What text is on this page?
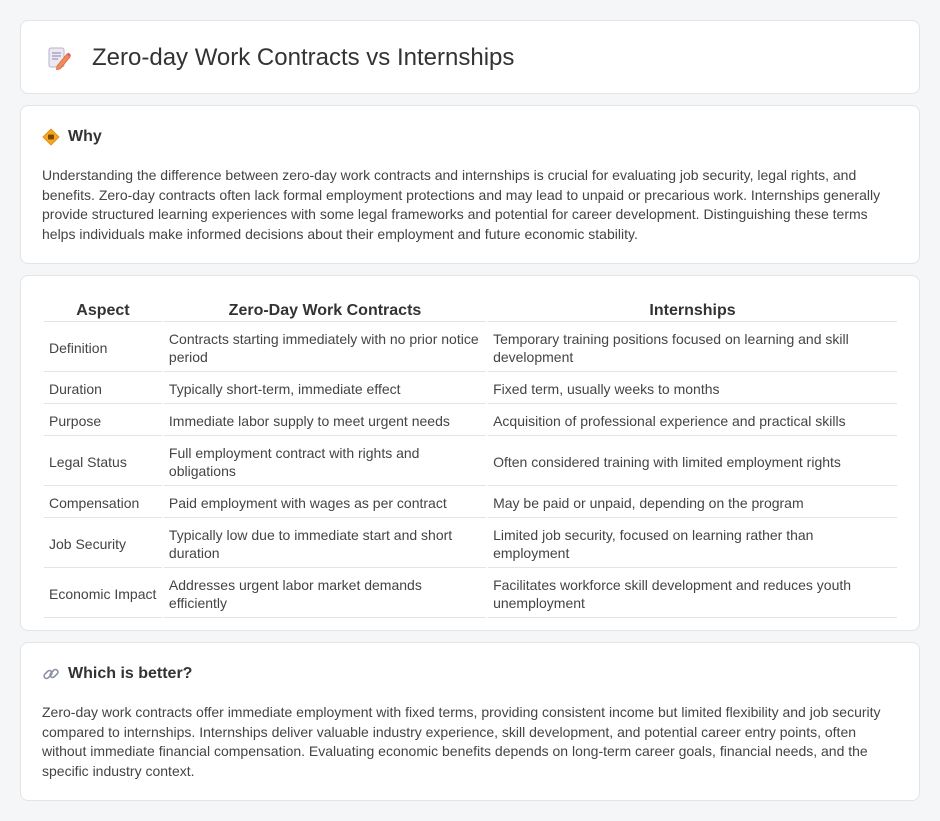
Zero-day Work Contracts vs Internships
Why

Understanding the difference between zero-day work contracts and internships is crucial for evaluating job security, legal rights, and benefits. Zero-day contracts often lack formal employment protections and may lead to unpaid or precarious work. Internships generally provide structured learning experiences with some legal frameworks and potential for career development. Distinguishing these terms helps individuals make informed decisions about their employment and future economic stability.

Aspect	Zero-Day Work Contracts	Internships
Definition	Contracts starting immediately with no prior notice period	Temporary training positions focused on learning and skill development
Duration	Typically short-term, immediate effect	Fixed term, usually weeks to months
Purpose	Immediate labor supply to meet urgent needs	Acquisition of professional experience and practical skills
Legal Status	Full employment contract with rights and obligations	Often considered training with limited employment rights
Compensation	Paid employment with wages as per contract	May be paid or unpaid, depending on the program
Job Security	Typically low due to immediate start and short duration	Limited job security, focused on learning rather than employment
Economic Impact	Addresses urgent labor market demands efficiently	Facilitates workforce skill development and reduces youth unemployment
Which is better?

Zero-day work contracts offer immediate employment with fixed terms, providing consistent income but limited flexibility and job security compared to internships. Internships deliver valuable industry experience, skill development, and potential career entry points, often without immediate financial compensation. Evaluating economic benefits depends on long-term career goals, financial needs, and the specific industry context.
